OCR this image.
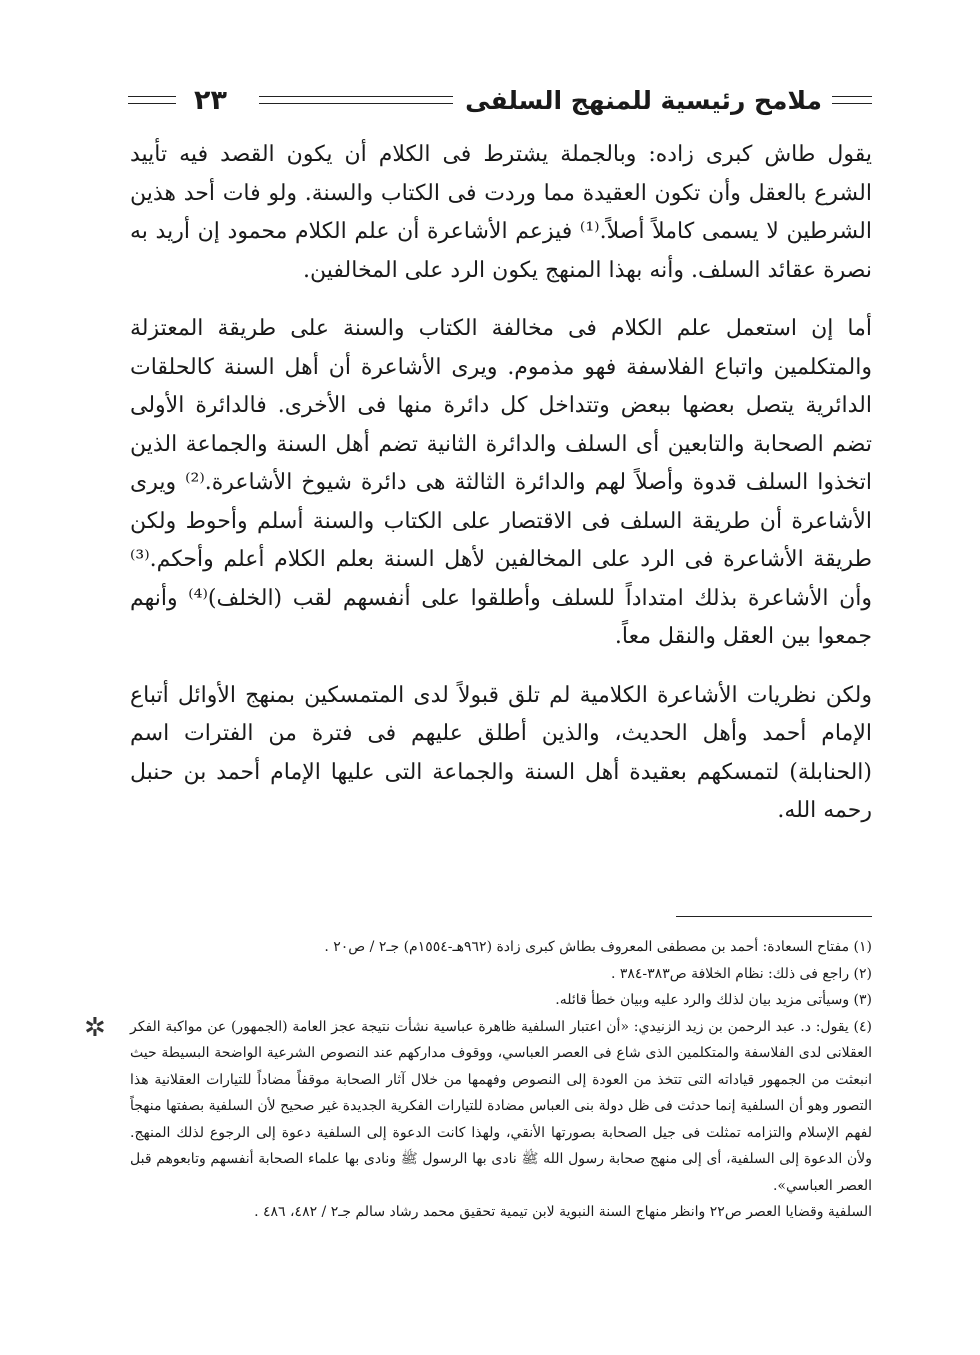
ملامح رئيسية للمنهج السلفى
٢٣

يقول طاش كبرى زاده: وبالجملة يشترط فى الكلام أن يكون القصد فيه تأييد الشرع بالعقل وأن تكون العقيدة مما وردت فى الكتاب والسنة. ولو فات أحد هذين الشرطين لا يسمى كاملاً أصلاً.⁽¹⁾ فيزعم الأشاعرة أن علم الكلام محمود إن أريد به نصرة عقائد السلف. وأنه بهذا المنهج يكون الرد على المخالفين.

أما إن استعمل علم الكلام فى مخالفة الكتاب والسنة على طريقة المعتزلة والمتكلمين واتباع الفلاسفة فهو مذموم. ويرى الأشاعرة أن أهل السنة كالحلقات الدائرية يتصل بعضها ببعض وتتداخل كل دائرة منها فى الأخرى. فالدائرة الأولى تضم الصحابة والتابعين أى السلف والدائرة الثانية تضم أهل السنة والجماعة الذين اتخذوا السلف قدوة وأصلاً لهم والدائرة الثالثة هى دائرة شيوخ الأشاعرة.⁽²⁾ ويرى الأشاعرة أن طريقة السلف فى الاقتصار على الكتاب والسنة أسلم وأحوط ولكن طريقة الأشاعرة فى الرد على المخالفين لأهل السنة بعلم الكلام أعلم وأحكم.⁽³⁾ وأن الأشاعرة بذلك امتداداً للسلف وأطلقوا على أنفسهم لقب (الخلف)⁽⁴⁾ وأنهم جمعوا بين العقل والنقل معاً.

ولكن نظريات الأشاعرة الكلامية لم تلق قبولاً لدى المتمسكين بمنهج الأوائل أتباع الإمام أحمد وأهل الحديث، والذين أطلق عليهم فى فترة من الفترات اسم (الحنابلة) لتمسكهم بعقيدة أهل السنة والجماعة التى عليها الإمام أحمد بن حنبل رحمه الله.

(١) مفتاح السعادة: أحمد بن مصطفى المعروف بطاش كبرى زادة (٩٦٢هـ-١٥٥٤م) جـ٢ / ص٢٠ .

(٢) راجع فى ذلك: نظام الخلافة ص٣٨٣-٣٨٤ .

(٣) وسيأتى مزيد بيان لذلك والرد عليه وبيان خطأ قائله.

(٤) يقول: د. عبد الرحمن بن زيد الزنيدي: «أن اعتبار السلفية ظاهرة عباسية نشأت نتيجة عجز العامة (الجمهور) عن مواكبة الفكر العقلانى لدى الفلاسفة والمتكلمين الذى شاع فى العصر العباسي، ووقوف مداركهم عند النصوص الشرعية الواضحة البسيطة حيث انبعثت من الجمهور قياداته التى تتخذ من العودة إلى النصوص وفهمها من خلال آثار الصحابة موقفاً مضاداً للتيارات العقلانية هذا التصور وهو أن السلفية إنما حدثت فى ظل دولة بنى العباس مضادة للتيارات الفكرية الجديدة غير صحيح لأن السلفية بصفتها منهجاً لفهم الإسلام والتزامه تمثلت فى جيل الصحابة بصورتها الأنقي، ولهذا كانت الدعوة إلى السلفية دعوة إلى الرجوع لذلك المنهج. ولأن الدعوة إلى السلفية، أى إلى منهج صحابة رسول الله ﷺ نادى بها الرسول ﷺ ونادى بها علماء الصحابة أنفسهم وتابعوهم قبل العصر العباسي».

السلفية وقضايا العصر ص٢٢ وانظر منهاج السنة النبوية لابن تيمية تحقيق محمد رشاد سالم جـ٢ / ٤٨٢، ٤٨٦ .

✲
